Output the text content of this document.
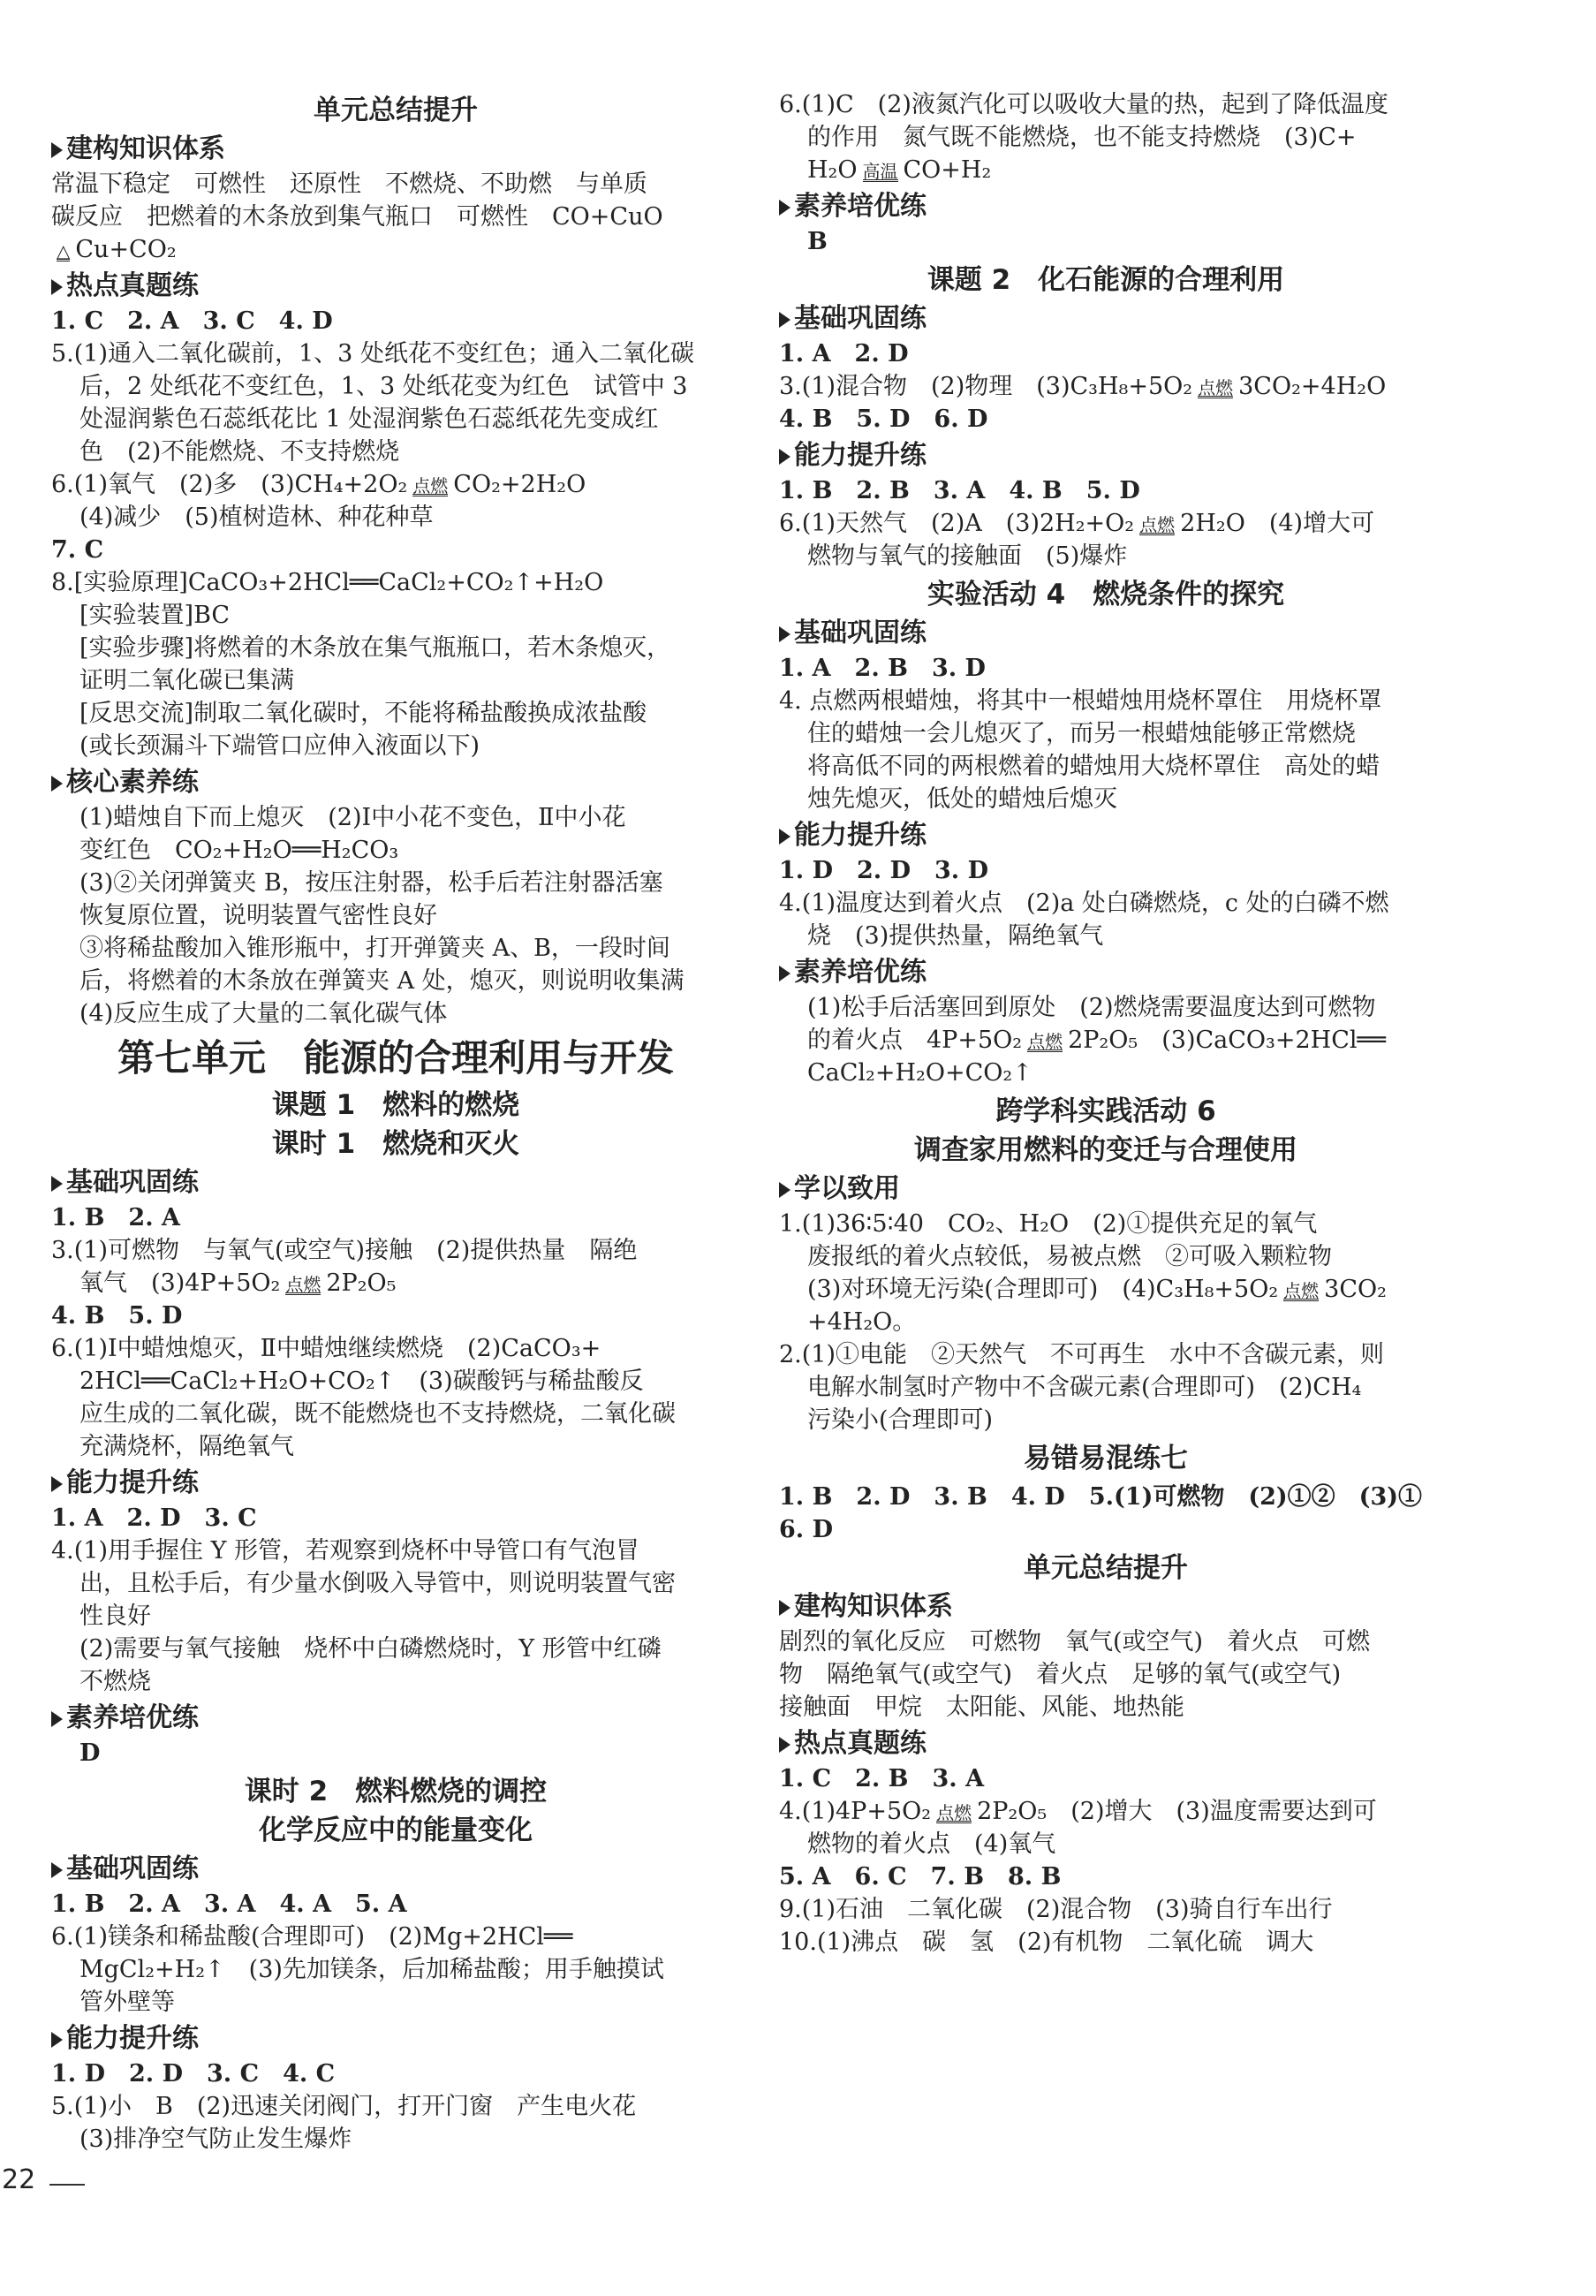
单元总结提升
建构知识体系
常温下稳定　可燃性　还原性　不燃烧、不助燃　与单质
碳反应　把燃着的木条放到集气瓶口　可燃性　CO+CuO
△ Cu+CO₂
热点真题练
1. C　2. A　3. C　4. D
5.(1)通入二氧化碳前，1、3 处纸花不变红色；通入二氧化碳
后，2 处纸花不变红色，1、3 处纸花变为红色　试管中 3
处湿润紫色石蕊纸花比 1 处湿润紫色石蕊纸花先变成红
色　(2)不能燃烧、不支持燃烧
6.(1)氧气　(2)多　(3)CH₄+2O₂ 点燃 CO₂+2H₂O
(4)减少　(5)植树造林、种花种草
7. C
8.[实验原理]CaCO₃+2HCl══CaCl₂+CO₂↑+H₂O
[实验装置]BC
[实验步骤]将燃着的木条放在集气瓶瓶口，若木条熄灭，
证明二氧化碳已集满
[反思交流]制取二氧化碳时，不能将稀盐酸换成浓盐酸
(或长颈漏斗下端管口应伸入液面以下)
核心素养练
(1)蜡烛自下而上熄灭　(2)Ⅰ中小花不变色，Ⅱ中小花
变红色　CO₂+H₂O══H₂CO₃
(3)②关闭弹簧夹 B，按压注射器，松手后若注射器活塞
恢复原位置，说明装置气密性良好
③将稀盐酸加入锥形瓶中，打开弹簧夹 A、B，一段时间
后，将燃着的木条放在弹簧夹 A 处，熄灭，则说明收集满
(4)反应生成了大量的二氧化碳气体
第七单元　能源的合理利用与开发
课题 1　燃料的燃烧
课时 1　燃烧和灭火
基础巩固练
1. B　2. A
3.(1)可燃物　与氧气(或空气)接触　(2)提供热量　隔绝
氧气　(3)4P+5O₂ 点燃 2P₂O₅
4. B　5. D
6.(1)Ⅰ中蜡烛熄灭，Ⅱ中蜡烛继续燃烧　(2)CaCO₃+
2HCl══CaCl₂+H₂O+CO₂↑　(3)碳酸钙与稀盐酸反
应生成的二氧化碳，既不能燃烧也不支持燃烧，二氧化碳
充满烧杯，隔绝氧气
能力提升练
1. A　2. D　3. C
4.(1)用手握住 Y 形管，若观察到烧杯中导管口有气泡冒
出，且松手后，有少量水倒吸入导管中，则说明装置气密
性良好
(2)需要与氧气接触　烧杯中白磷燃烧时，Y 形管中红磷
不燃烧
素养培优练
D
课时 2　燃料燃烧的调控
化学反应中的能量变化
基础巩固练
1. B　2. A　3. A　4. A　5. A
6.(1)镁条和稀盐酸(合理即可)　(2)Mg+2HCl══
MgCl₂+H₂↑　(3)先加镁条，后加稀盐酸；用手触摸试
管外壁等
能力提升练
1. D　2. D　3. C　4. C
5.(1)小　B　(2)迅速关闭阀门，打开门窗　产生电火花
(3)排净空气防止发生爆炸
6.(1)C　(2)液氮汽化可以吸收大量的热，起到了降低温度
的作用　氮气既不能燃烧，也不能支持燃烧　(3)C+
H₂O 高温 CO+H₂
素养培优练
B
课题 2　化石能源的合理利用
基础巩固练
1. A　2. D
3.(1)混合物　(2)物理　(3)C₃H₈+5O₂ 点燃 3CO₂+4H₂O
4. B　5. D　6. D
能力提升练
1. B　2. B　3. A　4. B　5. D
6.(1)天然气　(2)A　(3)2H₂+O₂ 点燃 2H₂O　(4)增大可
燃物与氧气的接触面　(5)爆炸
实验活动 4　燃烧条件的探究
基础巩固练
1. A　2. B　3. D
4. 点燃两根蜡烛，将其中一根蜡烛用烧杯罩住　用烧杯罩
住的蜡烛一会儿熄灭了，而另一根蜡烛能够正常燃烧
将高低不同的两根燃着的蜡烛用大烧杯罩住　高处的蜡
烛先熄灭，低处的蜡烛后熄灭
能力提升练
1. D　2. D　3. D
4.(1)温度达到着火点　(2)a 处白磷燃烧，c 处的白磷不燃
烧　(3)提供热量，隔绝氧气
素养培优练
(1)松手后活塞回到原处　(2)燃烧需要温度达到可燃物
的着火点　4P+5O₂ 点燃 2P₂O₅　(3)CaCO₃+2HCl══
CaCl₂+H₂O+CO₂↑
跨学科实践活动 6
调查家用燃料的变迁与合理使用
学以致用
1.(1)36∶5∶40　CO₂、H₂O　(2)①提供充足的氧气
废报纸的着火点较低，易被点燃　②可吸入颗粒物
(3)对环境无污染(合理即可)　(4)C₃H₈+5O₂ 点燃 3CO₂
+4H₂O。
2.(1)①电能　②天然气　不可再生　水中不含碳元素，则
电解水制氢时产物中不含碳元素(合理即可)　(2)CH₄
污染小(合理即可)
易错易混练七
1. B　2. D　3. B　4. D　5.(1)可燃物　(2)①②　(3)①
6. D
单元总结提升
建构知识体系
剧烈的氧化反应　可燃物　氧气(或空气)　着火点　可燃
物　隔绝氧气(或空气)　着火点　足够的氧气(或空气)
接触面　甲烷　太阳能、风能、地热能
热点真题练
1. C　2. B　3. A
4.(1)4P+5O₂ 点燃 2P₂O₅　(2)增大　(3)温度需要达到可
燃物的着火点　(4)氧气
5. A　6. C　7. B　8. B
9.(1)石油　二氧化碳　(2)混合物　(3)骑自行车出行
10.(1)沸点　碳　氢　(2)有机物　二氧化硫　调大
22
